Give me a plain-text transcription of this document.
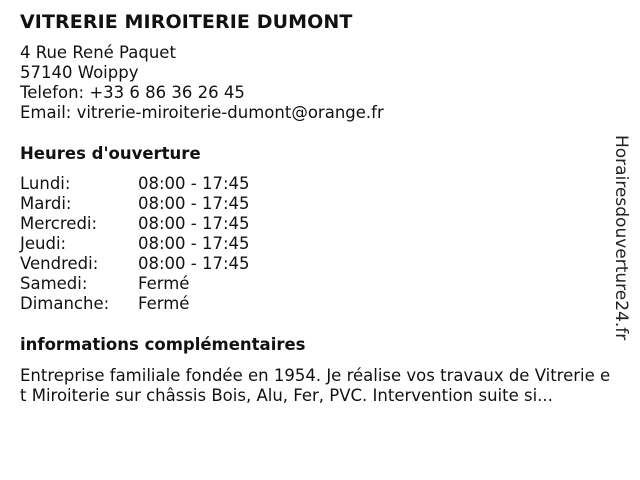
VITRERIE MIROITERIE DUMONT
4 Rue René Paquet
57140 Woippy
Telefon: +33 6 86 36 26 45
Email: vitrerie-miroiterie-dumont@orange.fr
Heures d'ouverture
Lundi:	08:00 - 17:45
Mardi:	08:00 - 17:45
Mercredi:	08:00 - 17:45
Jeudi:	08:00 - 17:45
Vendredi:	08:00 - 17:45
Samedi:	Fermé
Dimanche:	Fermé
informations complémentaires
Entreprise familiale fondée en 1954. Je réalise vos travaux de Vitrerie et Miroiterie sur châssis Bois, Alu, Fer, PVC. Intervention suite si...
Horairesdouverture24.fr
